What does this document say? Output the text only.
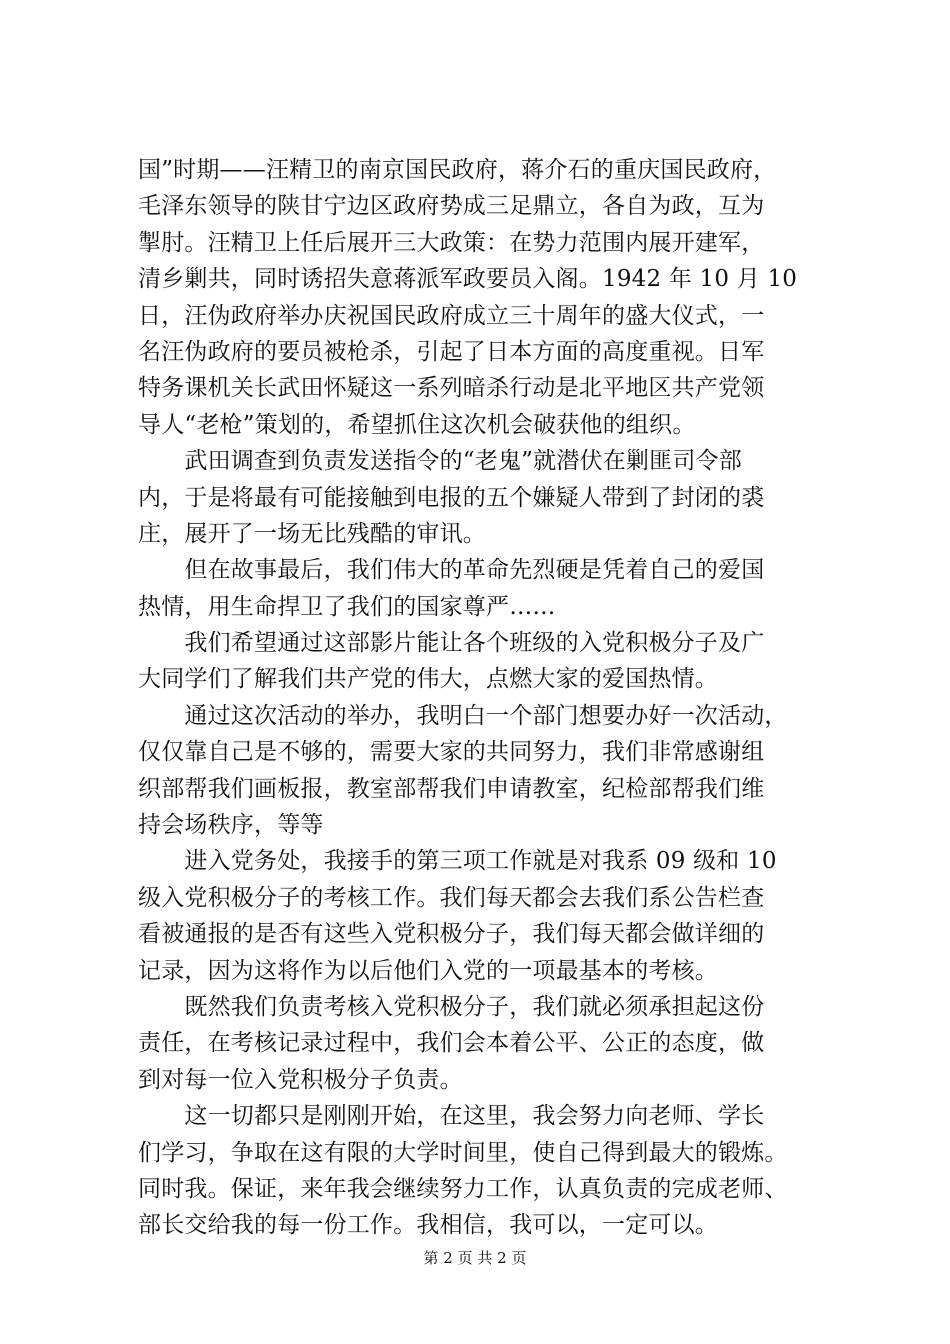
国”时期——汪精卫的南京国民政府，蒋介石的重庆国民政府，
毛泽东领导的陕甘宁边区政府势成三足鼎立，各自为政，互为
掣肘。汪精卫上任后展开三大政策：在势力范围内展开建军，
清乡剿共，同时诱招失意蒋派军政要员入阁。1942 年 10 月 10
日，汪伪政府举办庆祝国民政府成立三十周年的盛大仪式，一
名汪伪政府的要员被枪杀，引起了日本方面的高度重视。日军
特务课机关长武田怀疑这一系列暗杀行动是北平地区共产党领
导人“老枪”策划的，希望抓住这次机会破获他的组织。
　　武田调查到负责发送指令的“老鬼”就潜伏在剿匪司令部
内，于是将最有可能接触到电报的五个嫌疑人带到了封闭的裘
庄，展开了一场无比残酷的审讯。
　　但在故事最后，我们伟大的革命先烈硬是凭着自己的爱国
热情，用生命捍卫了我们的国家尊严……
　　我们希望通过这部影片能让各个班级的入党积极分子及广
大同学们了解我们共产党的伟大，点燃大家的爱国热情。
　　通过这次活动的举办，我明白一个部门想要办好一次活动，
仅仅靠自己是不够的，需要大家的共同努力，我们非常感谢组
织部帮我们画板报，教室部帮我们申请教室，纪检部帮我们维
持会场秩序，等等
　　进入党务处，我接手的第三项工作就是对我系 09 级和 10
级入党积极分子的考核工作。我们每天都会去我们系公告栏查
看被通报的是否有这些入党积极分子，我们每天都会做详细的
记录，因为这将作为以后他们入党的一项最基本的考核。
　　既然我们负责考核入党积极分子，我们就必须承担起这份
责任，在考核记录过程中，我们会本着公平、公正的态度，做
到对每一位入党积极分子负责。
　　这一切都只是刚刚开始，在这里，我会努力向老师、学长
们学习，争取在这有限的大学时间里，使自己得到最大的锻炼。
同时我。保证，来年我会继续努力工作，认真负责的完成老师、
部长交给我的每一份工作。我相信，我可以，一定可以。
第 2 页 共 2 页
